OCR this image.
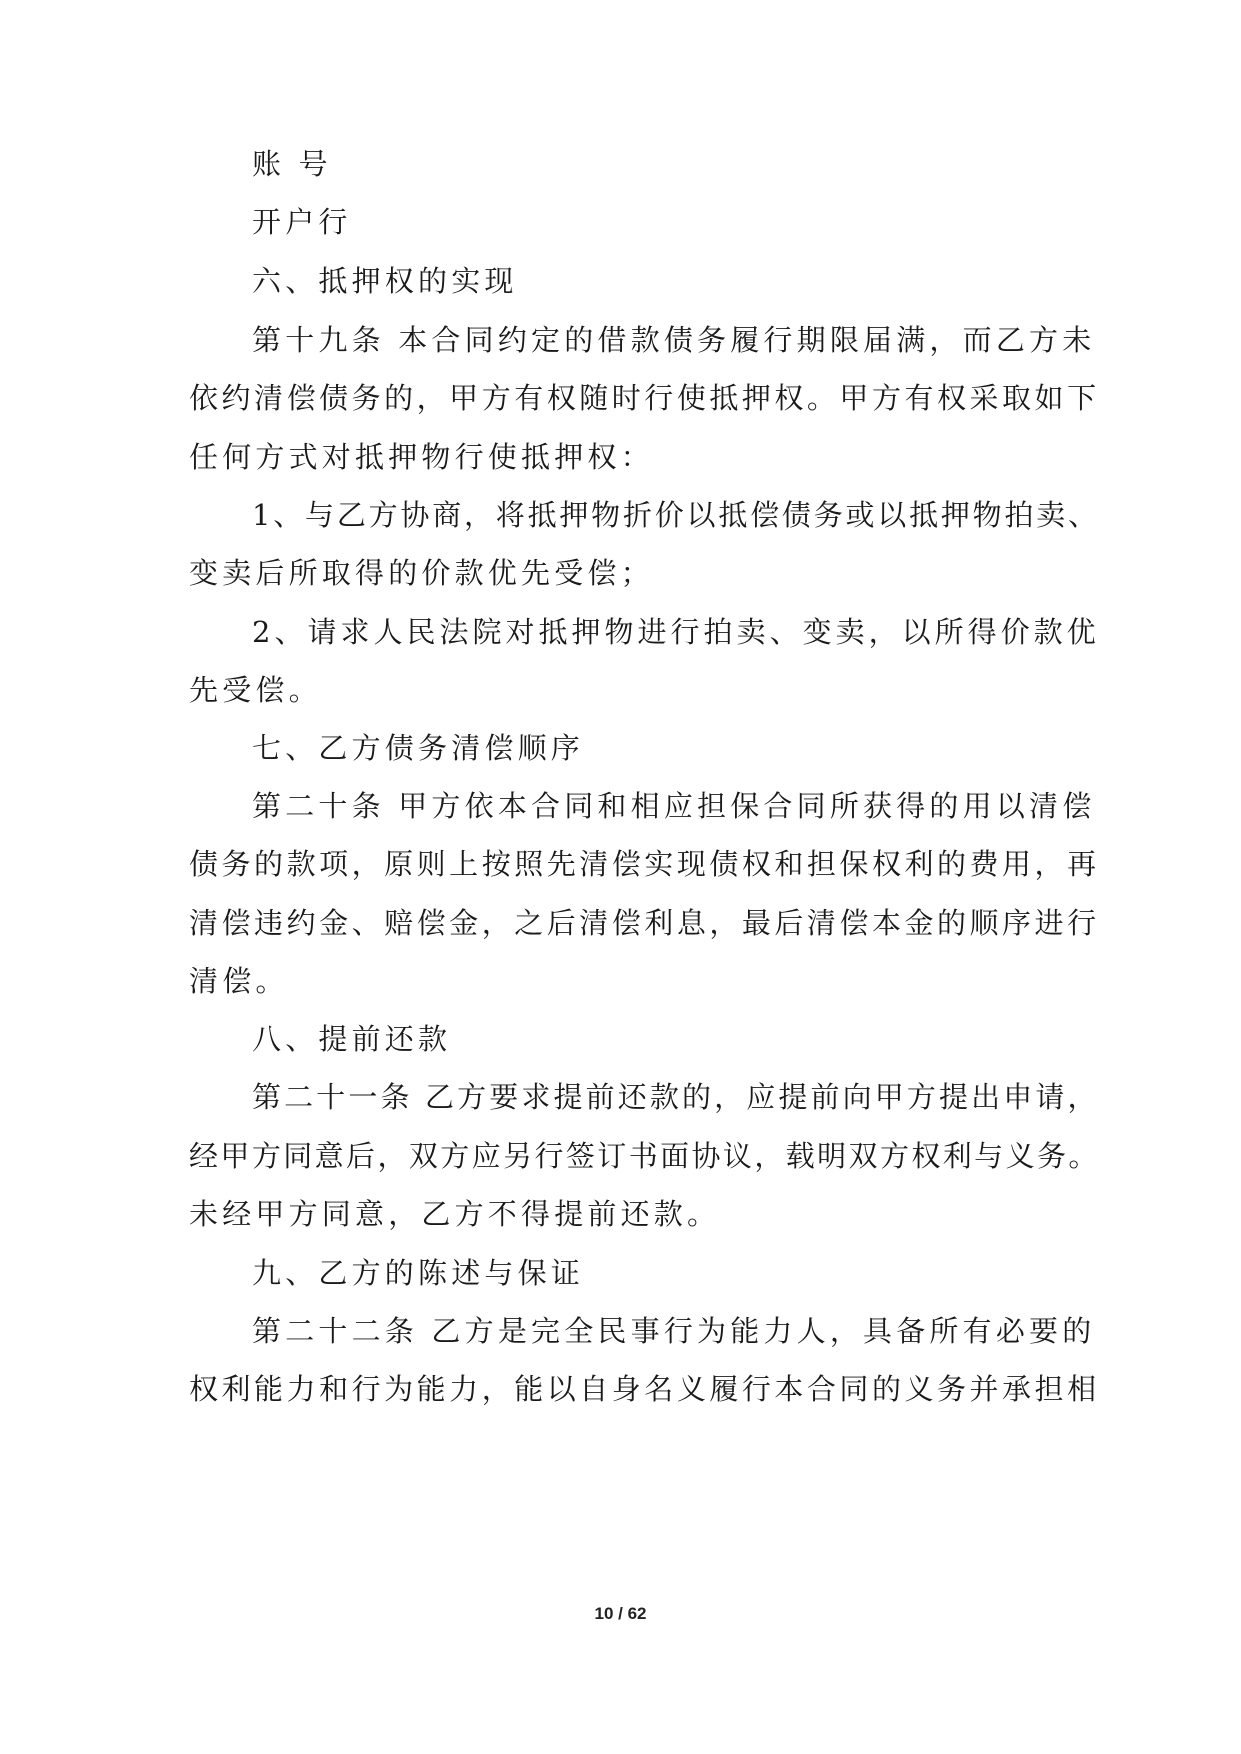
账 号
开户行
六、抵押权的实现
第十九条 本合同约定的借款债务履行期限届满，而乙方未
依约清偿债务的，甲方有权随时行使抵押权。甲方有权采取如下
任何方式对抵押物行使抵押权：
1、与乙方协商，将抵押物折价以抵偿债务或以抵押物拍卖、
变卖后所取得的价款优先受偿；
2、请求人民法院对抵押物进行拍卖、变卖，以所得价款优
先受偿。
七、乙方债务清偿顺序
第二十条 甲方依本合同和相应担保合同所获得的用以清偿
债务的款项，原则上按照先清偿实现债权和担保权利的费用，再
清偿违约金、赔偿金，之后清偿利息，最后清偿本金的顺序进行
清偿。
八、提前还款
第二十一条 乙方要求提前还款的，应提前向甲方提出申请，
经甲方同意后，双方应另行签订书面协议，载明双方权利与义务。
未经甲方同意，乙方不得提前还款。
九、乙方的陈述与保证
第二十二条 乙方是完全民事行为能力人，具备所有必要的
权利能力和行为能力，能以自身名义履行本合同的义务并承担相
10 / 62
